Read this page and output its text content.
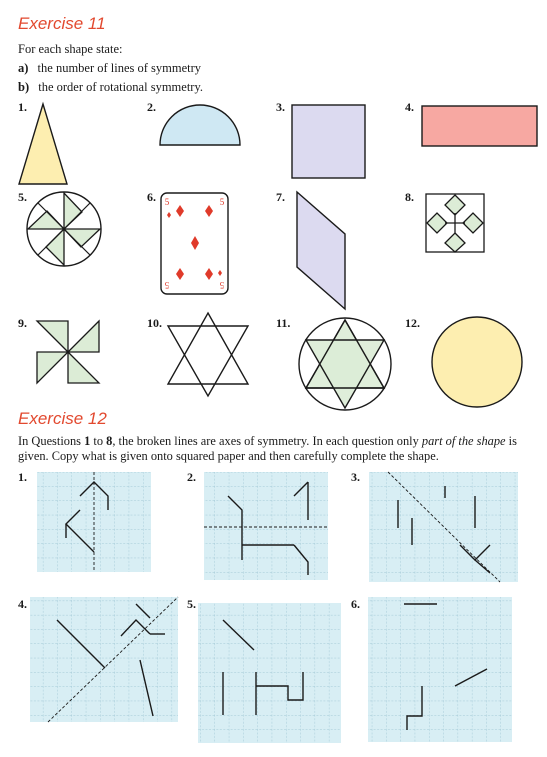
Exercise 11
For each shape state:
a) the number of lines of symmetry
b) the order of rotational symmetry.
1.	2.	3.	4.
5.	6.	7.	8.
9.	10.	11.	12.
5	5
5	5
Exercise 12
In Questions 1 to 8, the broken lines are axes of symmetry. In each question only part of the shape is given. Copy what is given onto squared paper and then carefully complete the shape.
1.	2.	3.
4.	5.	6.
